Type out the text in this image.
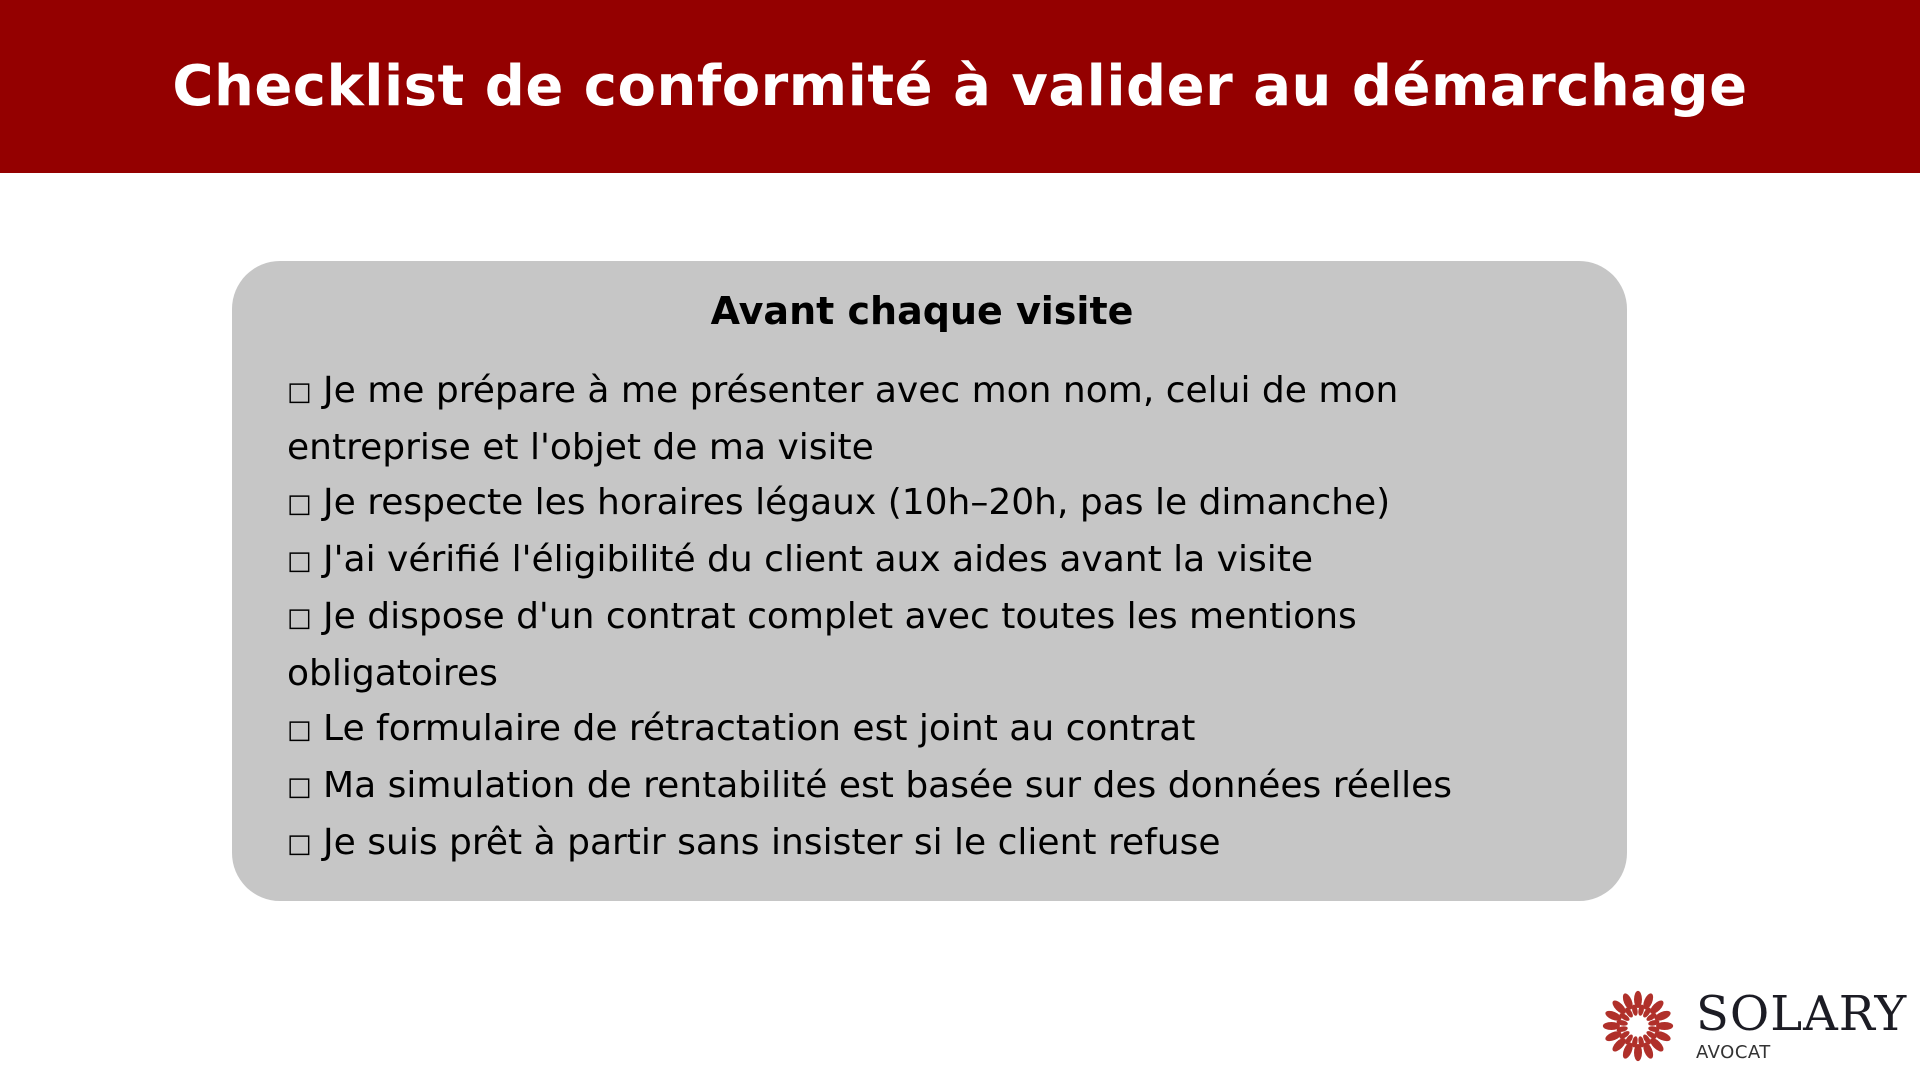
Checklist de conformité à valider au démarchage
Avant chaque visite
□ Je me prépare à me présenter avec mon nom, celui de mon entreprise et l'objet de ma visite
□ Je respecte les horaires légaux (10h–20h, pas le dimanche)
□ J'ai vérifié l'éligibilité du client aux aides avant la visite
□ Je dispose d'un contrat complet avec toutes les mentions obligatoires
□ Le formulaire de rétractation est joint au contrat
□ Ma simulation de rentabilité est basée sur des données réelles
□ Je suis prêt à partir sans insister si le client refuse
SOLARY
AVOCAT
